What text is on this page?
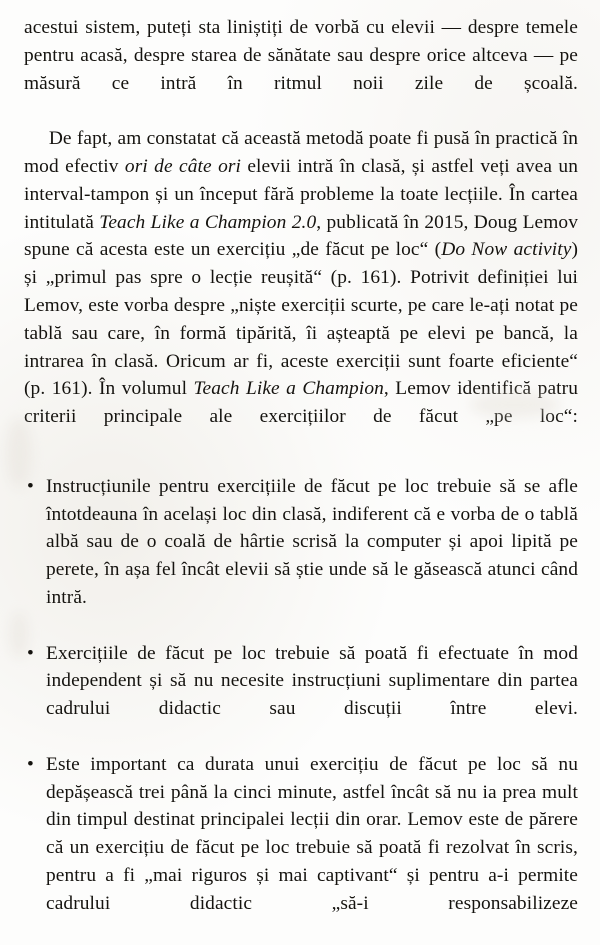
acestui sistem, puteți sta liniștiți de vorbă cu elevii — despre temele pentru acasă, despre starea de sănătate sau despre orice altceva — pe măsură ce intră în ritmul noii zile de școală.

De fapt, am constatat că această metodă poate fi pusă în practică în mod efectiv ori de câte ori elevii intră în clasă, și astfel veți avea un interval-tampon și un început fără probleme la toate lecțiile. În cartea intitulată Teach Like a Champion 2.0, publicată în 2015, Doug Lemov spune că acesta este un exercițiu „de făcut pe loc“ (Do Now activity) și „primul pas spre o lecție reușită“ (p. 161). Potrivit definiției lui Lemov, este vorba despre „niște exerciții scurte, pe care le-ați notat pe tablă sau care, în formă tipărită, îi așteaptă pe elevi pe bancă, la intrarea în clasă. Oricum ar fi, aceste exerciții sunt foarte eficiente“ (p. 161). În volumul Teach Like a Champion, Lemov identifică patru criterii principale ale exercițiilor de făcut „pe loc“:

• Instrucțiunile pentru exercițiile de făcut pe loc trebuie să se afle întotdeauna în același loc din clasă, indiferent că e vorba de o tablă albă sau de o coală de hârtie scrisă la computer și apoi lipită pe perete, în așa fel încât elevii să știe unde să le găsească atunci când intră.
• Exercițiile de făcut pe loc trebuie să poată fi efectuate în mod independent și să nu necesite instrucțiuni suplimentare din partea cadrului didactic sau discuții între elevi.
• Este important ca durata unui exercițiu de făcut pe loc să nu depășească trei până la cinci minute, astfel încât să nu ia prea mult din timpul destinat principalei lecții din orar. Lemov este de părere că un exercițiu de făcut pe loc trebuie să poată fi rezolvat în scris, pentru a fi „mai riguros și mai captivant“ și pentru a-i permite cadrului didactic „să-i responsabilizeze
